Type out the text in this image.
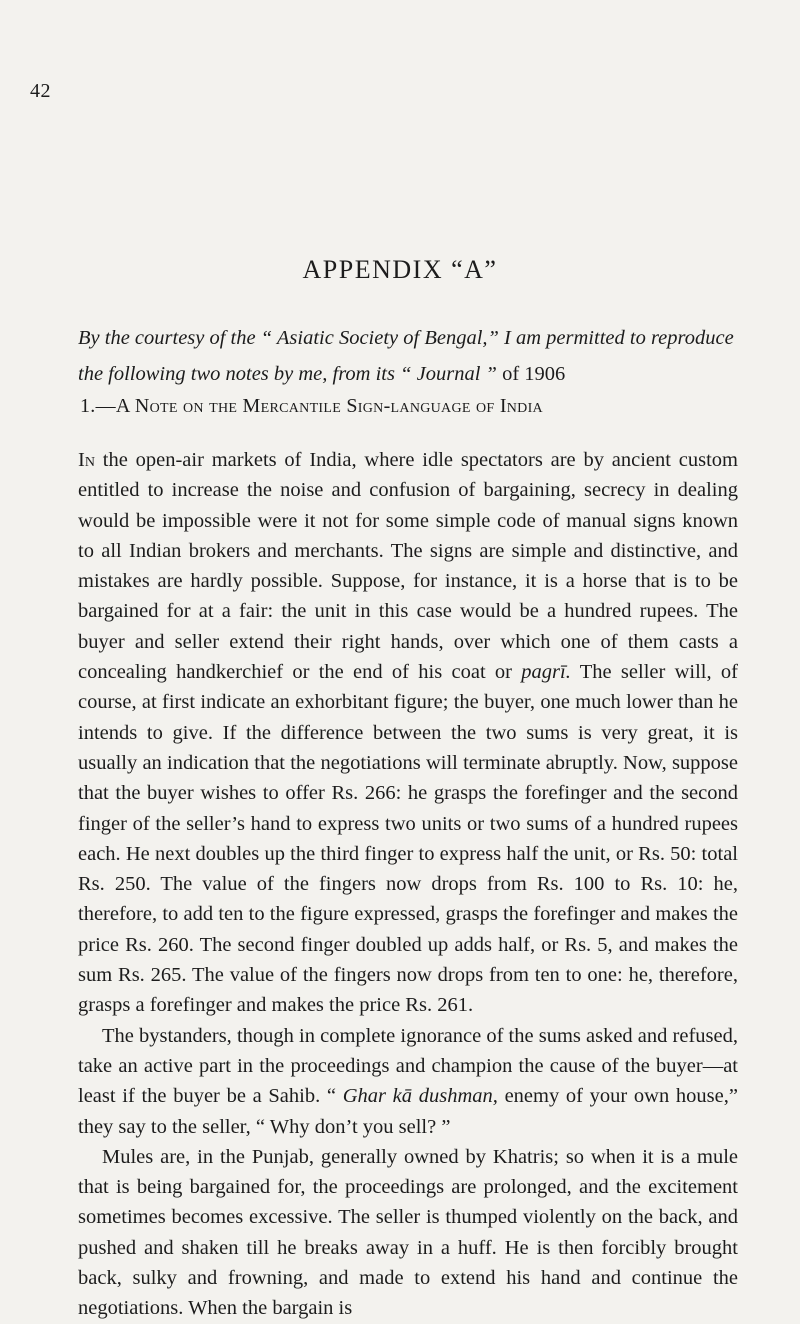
42
APPENDIX “A”

By the courtesy of the “ Asiatic Society of Bengal,” I am permitted to reproduce the following two notes by me, from its “ Journal ” of 1906

1.—A Note on the Mercantile Sign-language of India

In the open-air markets of India, where idle spectators are by ancient custom entitled to increase the noise and confusion of bargaining, secrecy in dealing would be impossible were it not for some simple code of manual signs known to all Indian brokers and merchants. The signs are simple and distinctive, and mistakes are hardly possible. Suppose, for instance, it is a horse that is to be bargained for at a fair: the unit in this case would be a hundred rupees. The buyer and seller extend their right hands, over which one of them casts a concealing handkerchief or the end of his coat or pagrī. The seller will, of course, at first indicate an exhorbitant figure; the buyer, one much lower than he intends to give. If the difference between the two sums is very great, it is usually an indication that the negotiations will terminate abruptly. Now, suppose that the buyer wishes to offer Rs. 266: he grasps the forefinger and the second finger of the seller’s hand to express two units or two sums of a hundred rupees each. He next doubles up the third finger to express half the unit, or Rs. 50: total Rs. 250. The value of the fingers now drops from Rs. 100 to Rs. 10: he, therefore, to add ten to the figure expressed, grasps the forefinger and makes the price Rs. 260. The second finger doubled up adds half, or Rs. 5, and makes the sum Rs. 265. The value of the fingers now drops from ten to one: he, therefore, grasps a forefinger and makes the price Rs. 261.

The bystanders, though in complete ignorance of the sums asked and refused, take an active part in the proceedings and champion the cause of the buyer—at least if the buyer be a Sahib. “ Ghar kā dushman, enemy of your own house,” they say to the seller, “ Why don’t you sell? ”

Mules are, in the Punjab, generally owned by Khatris; so when it is a mule that is being bargained for, the proceedings are prolonged, and the excitement sometimes becomes excessive. The seller is thumped violently on the back, and pushed and shaken till he breaks away in a huff. He is then forcibly brought back, sulky and frowning, and made to extend his hand and continue the negotiations. When the bargain is
